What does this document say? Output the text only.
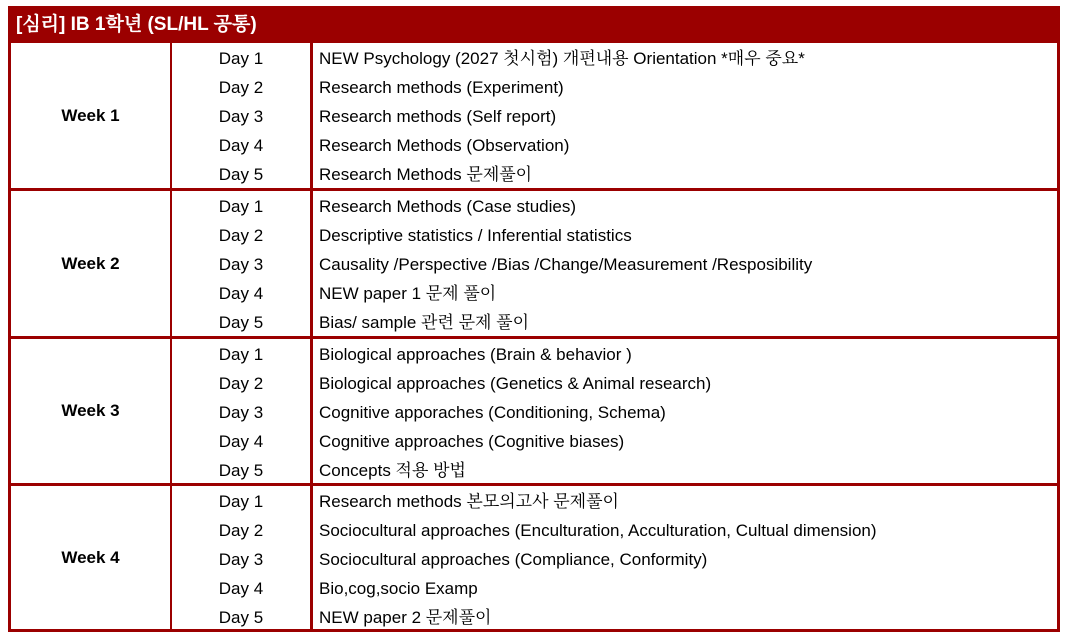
[심리] IB 1학년 (SL/HL 공통)
Week 1
Day 1
Day 2
Day 3
Day 4
Day 5
NEW Psychology (2027 첫시험) 개편내용 Orientation *매우 중요*
Research methods (Experiment)
Research methods (Self report)
Research Methods (Observation)
Research Methods 문제풀이
Week 2
Day 1
Day 2
Day 3
Day 4
Day 5
Research Methods (Case studies)
Descriptive statistics / Inferential statistics
Causality /Perspective /Bias /Change/Measurement /Resposibility
NEW paper 1 문제 풀이
Bias/ sample 관련 문제 풀이
Week 3
Day 1
Day 2
Day 3
Day 4
Day 5
Biological approaches (Brain & behavior )
Biological approaches (Genetics & Animal research)
Cognitive apporaches (Conditioning, Schema)
Cognitive approaches (Cognitive biases)
Concepts 적용 방법
Week 4
Day 1
Day 2
Day 3
Day 4
Day 5
Research methods 본모의고사 문제풀이
Sociocultural approaches (Enculturation, Acculturation, Cultual dimension)
Sociocultural approaches (Compliance, Conformity)
Bio,cog,socio Examp
NEW paper 2 문제풀이
